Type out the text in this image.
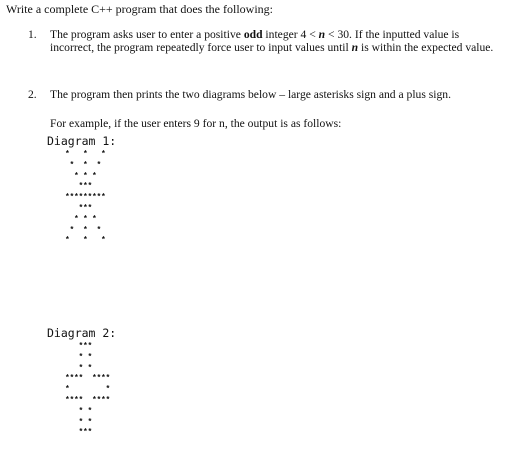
Write a complete C++ program that does the following:
1. The program asks user to enter a positive odd integer 4 < n < 30. If the inputted value is incorrect, the program repeatedly force user to input values until n is within the expected value.
2. The program then prints the two diagrams below – large asterisks sign and a plus sign.
For example, if the user enters 9 for n, the output is as follows:
Diagram 1:
*   *   *
*  *  *
* * *
***
*********
***
* * *
*  *  *
*   *   *
Diagram 2:
***
* *
* *
****  ****
*        *
****  ****
* *
* *
***
